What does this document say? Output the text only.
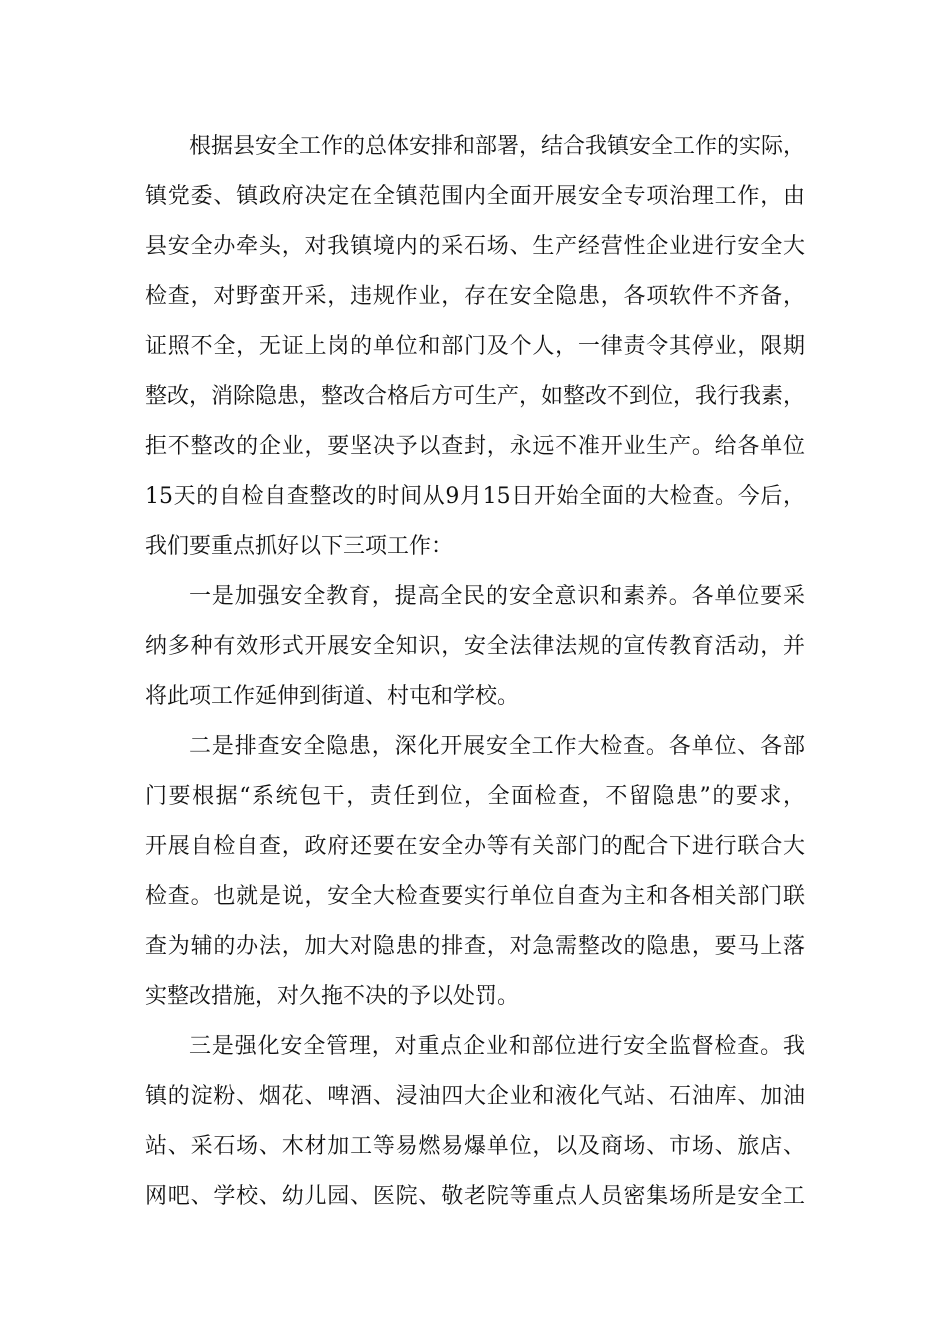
根据县安全工作的总体安排和部署，结合我镇安全工作的实际，
镇党委、镇政府决定在全镇范围内全面开展安全专项治理工作，由
县安全办牵头，对我镇境内的采石场、生产经营性企业进行安全大
检查，对野蛮开采，违规作业，存在安全隐患，各项软件不齐备，
证照不全，无证上岗的单位和部门及个人，一律责令其停业，限期
整改，消除隐患，整改合格后方可生产，如整改不到位，我行我素，
拒不整改的企业，要坚决予以查封，永远不准开业生产。给各单位
15天的自检自查整改的时间从9月15日开始全面的大检查。今后，
我们要重点抓好以下三项工作：
一是加强安全教育，提高全民的安全意识和素养。各单位要采
纳多种有效形式开展安全知识，安全法律法规的宣传教育活动，并
将此项工作延伸到街道、村屯和学校。
二是排查安全隐患，深化开展安全工作大检查。各单位、各部
门要根据“系统包干，责任到位，全面检查，不留隐患”的要求，
开展自检自查，政府还要在安全办等有关部门的配合下进行联合大
检查。也就是说，安全大检查要实行单位自查为主和各相关部门联
查为辅的办法，加大对隐患的排查，对急需整改的隐患，要马上落
实整改措施，对久拖不决的予以处罚。
三是强化安全管理，对重点企业和部位进行安全监督检查。我
镇的淀粉、烟花、啤酒、浸油四大企业和液化气站、石油库、加油
站、采石场、木材加工等易燃易爆单位，以及商场、市场、旅店、
网吧、学校、幼儿园、医院、敬老院等重点人员密集场所是安全工
